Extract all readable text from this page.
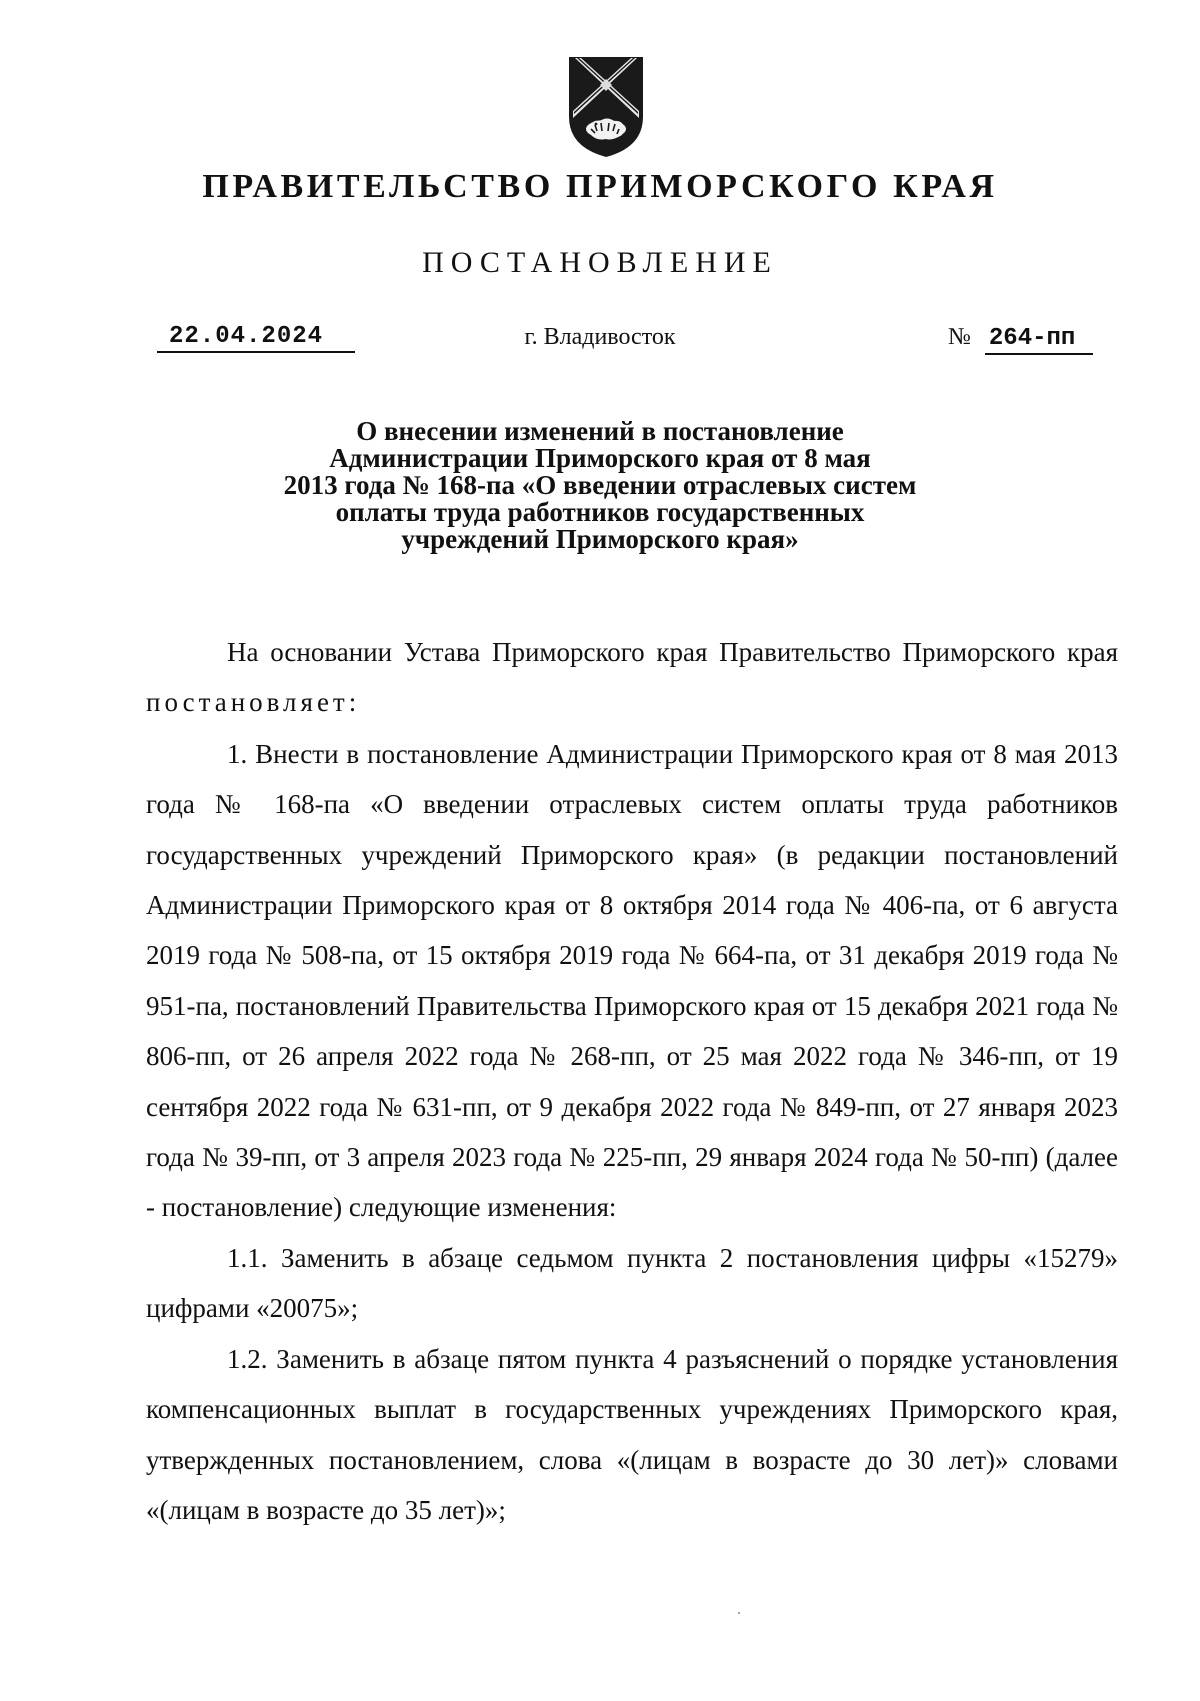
ПРАВИТЕЛЬСТВО ПРИМОРСКОГО КРАЯ
ПОСТАНОВЛЕНИЕ
22.04.2024	г. Владивосток	№ 264-пп
О внесении изменений в постановление
Администрации Приморского края от 8 мая
2013 года № 168-па «О введении отраслевых систем
оплаты труда работников государственных
учреждений Приморского края»

На основании Устава Приморского края Правительство Приморского края постановляет:

1. Внести в постановление Администрации Приморского края от 8 мая 2013 года № 168-па «О введении отраслевых систем оплаты труда работников государственных учреждений Приморского края» (в редакции постановлений Администрации Приморского края от 8 октября 2014 года № 406-па, от 6 августа 2019 года № 508-па, от 15 октября 2019 года № 664-па, от 31 декабря 2019 года № 951-па, постановлений Правительства Приморского края от 15 декабря 2021 года № 806-пп, от 26 апреля 2022 года № 268-пп, от 25 мая 2022 года № 346-пп, от 19 сентября 2022 года № 631-пп, от 9 декабря 2022 года № 849-пп, от 27 января 2023 года № 39-пп, от 3 апреля 2023 года № 225-пп, 29 января 2024 года № 50-пп) (далее - постановление) следующие изменения:

1.1. Заменить в абзаце седьмом пункта 2 постановления цифры «15279» цифрами «20075»;

1.2. Заменить в абзаце пятом пункта 4 разъяснений о порядке установления компенсационных выплат в государственных учреждениях Приморского края, утвержденных постановлением, слова «(лицам в возрасте до 30 лет)» словами «(лицам в возрасте до 35 лет)»;
